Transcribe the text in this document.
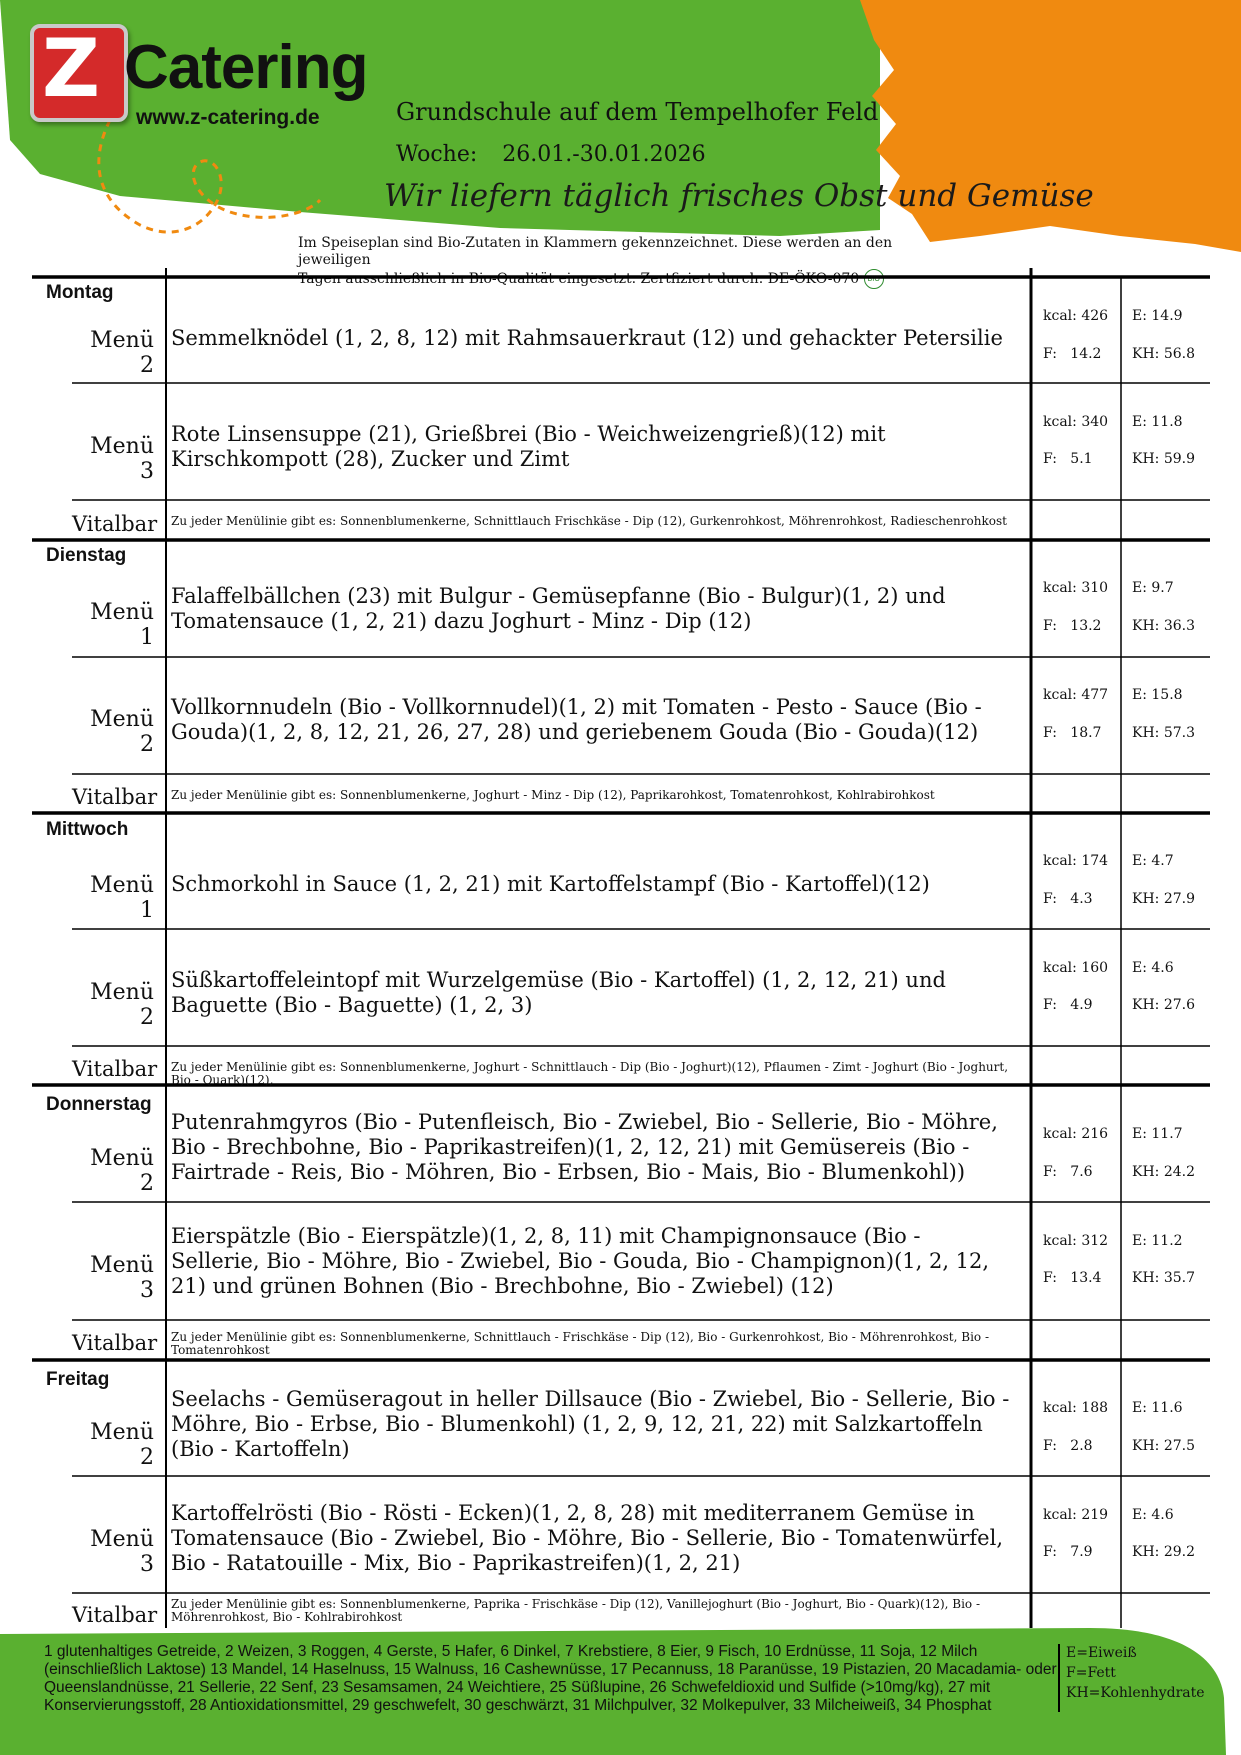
Z Catering
www.z-catering.de	Grundschule auf dem Tempelhofer Feld
Woche: 26.01.-30.01.2026
Wir liefern täglich frisches Obst und Gemüse
Im Speiseplan sind Bio-Zutaten in Klammern gekennzeichnet. Diese werden an den jeweiligen
Tagen ausschließlich in Bio-Qualität eingesetzt. Zertfiziert durch: DE-ÖKO-070 BIO
Montag
Menü 2
Semmelknödel (1, 2, 8, 12) mit Rahmsauerkraut (12) und gehackter Petersilie
kcal: 426
F:   14.2
E: 14.9
KH: 56.8
Menü 3
Rote Linsensuppe (21), Grießbrei (Bio - Weichweizengrieß)(12) mit Kirschkompott (28), Zucker und Zimt
kcal: 340
F:   5.1
E: 11.8
KH: 59.9
Vitalbar Zu jeder Menülinie gibt es: Sonnenblumenkerne, Schnittlauch Frischkäse - Dip (12), Gurkenrohkost, Möhrenrohkost, Radieschenrohkost
Dienstag
Menü 1
Falaffelbällchen (23) mit Bulgur - Gemüsepfanne (Bio - Bulgur)(1, 2) und Tomatensauce (1, 2, 21) dazu Joghurt - Minz - Dip (12)
kcal: 310
F:   13.2
E: 9.7
KH: 36.3
Menü 2
Vollkornnudeln (Bio - Vollkornnudel)(1, 2) mit Tomaten - Pesto - Sauce (Bio - Gouda)(1, 2, 8, 12, 21, 26, 27, 28) und geriebenem Gouda (Bio - Gouda)(12)
kcal: 477
F:   18.7
E: 15.8
KH: 57.3
Vitalbar Zu jeder Menülinie gibt es: Sonnenblumenkerne, Joghurt - Minz - Dip (12), Paprikarohkost, Tomatenrohkost, Kohlrabirohkost
Mittwoch
Menü 1
Schmorkohl in Sauce (1, 2, 21) mit Kartoffelstampf (Bio - Kartoffel)(12)
kcal: 174
F:   4.3
E: 4.7
KH: 27.9
Menü 2
Süßkartoffeleintopf mit Wurzelgemüse (Bio - Kartoffel) (1, 2, 12, 21) und Baguette (Bio - Baguette) (1, 2, 3)
kcal: 160
F:   4.9
E: 4.6
KH: 27.6
Vitalbar Zu jeder Menülinie gibt es: Sonnenblumenkerne, Joghurt - Schnittlauch - Dip (Bio - Joghurt)(12), Pflaumen - Zimt - Joghurt (Bio - Joghurt, Bio - Quark)(12),
Donnerstag
Menü 2
Putenrahmgyros (Bio - Putenfleisch, Bio - Zwiebel, Bio - Sellerie, Bio - Möhre, Bio - Brechbohne, Bio - Paprikastreifen)(1, 2, 12, 21) mit Gemüsereis (Bio - Fairtrade - Reis, Bio - Möhren, Bio - Erbsen, Bio - Mais, Bio - Blumenkohl))
kcal: 216
F:   7.6
E: 11.7
KH: 24.2
Menü 3
Eierspätzle (Bio - Eierspätzle)(1, 2, 8, 11) mit Champignonsauce (Bio - Sellerie, Bio - Möhre, Bio - Zwiebel, Bio - Gouda, Bio - Champignon)(1, 2, 12, 21) und grünen Bohnen (Bio - Brechbohne, Bio - Zwiebel) (12)
kcal: 312
F:   13.4
E: 11.2
KH: 35.7
Vitalbar Zu jeder Menülinie gibt es: Sonnenblumenkerne, Schnittlauch - Frischkäse - Dip (12), Bio - Gurkenrohkost, Bio - Möhrenrohkost, Bio - Tomatenrohkost
Freitag
Menü 2
Seelachs - Gemüseragout in heller Dillsauce (Bio - Zwiebel, Bio - Sellerie, Bio - Möhre, Bio - Erbse, Bio - Blumenkohl) (1, 2, 9, 12, 21, 22) mit Salzkartoffeln (Bio - Kartoffeln)
kcal: 188
F:   2.8
E: 11.6
KH: 27.5
Menü 3
Kartoffelrösti (Bio - Rösti - Ecken)(1, 2, 8, 28) mit mediterranem Gemüse in Tomatensauce (Bio - Zwiebel, Bio - Möhre, Bio - Sellerie, Bio - Tomatenwürfel, Bio - Ratatouille - Mix, Bio - Paprikastreifen)(1, 2, 21)
kcal: 219
F:   7.9
E: 4.6
KH: 29.2
Vitalbar Zu jeder Menülinie gibt es: Sonnenblumenkerne, Paprika - Frischkäse - Dip (12), Vanillejoghurt (Bio - Joghurt, Bio - Quark)(12), Bio - Möhrenrohkost, Bio - Kohlrabirohkost
1 glutenhaltiges Getreide, 2 Weizen, 3 Roggen, 4 Gerste, 5 Hafer, 6 Dinkel, 7 Krebstiere, 8 Eier, 9 Fisch, 10 Erdnüsse, 11 Soja, 12 Milch (einschließlich Laktose) 13 Mandel, 14 Haselnuss, 15 Walnuss, 16 Cashewnüsse, 17 Pecannuss, 18 Paranüsse, 19 Pistazien, 20 Macadamia- oder Queenslandnüsse, 21 Sellerie, 22 Senf, 23 Sesamsamen, 24 Weichtiere, 25 Süßlupine, 26 Schwefeldioxid und Sulfide (>10mg/kg), 27 mit Konservierungsstoff, 28 Antioxidationsmittel, 29 geschwefelt, 30 geschwärzt, 31 Milchpulver, 32 Molkepulver, 33 Milcheiweiß, 34 Phosphat
E=Eiweiß
F=Fett
KH=Kohlenhydrate
